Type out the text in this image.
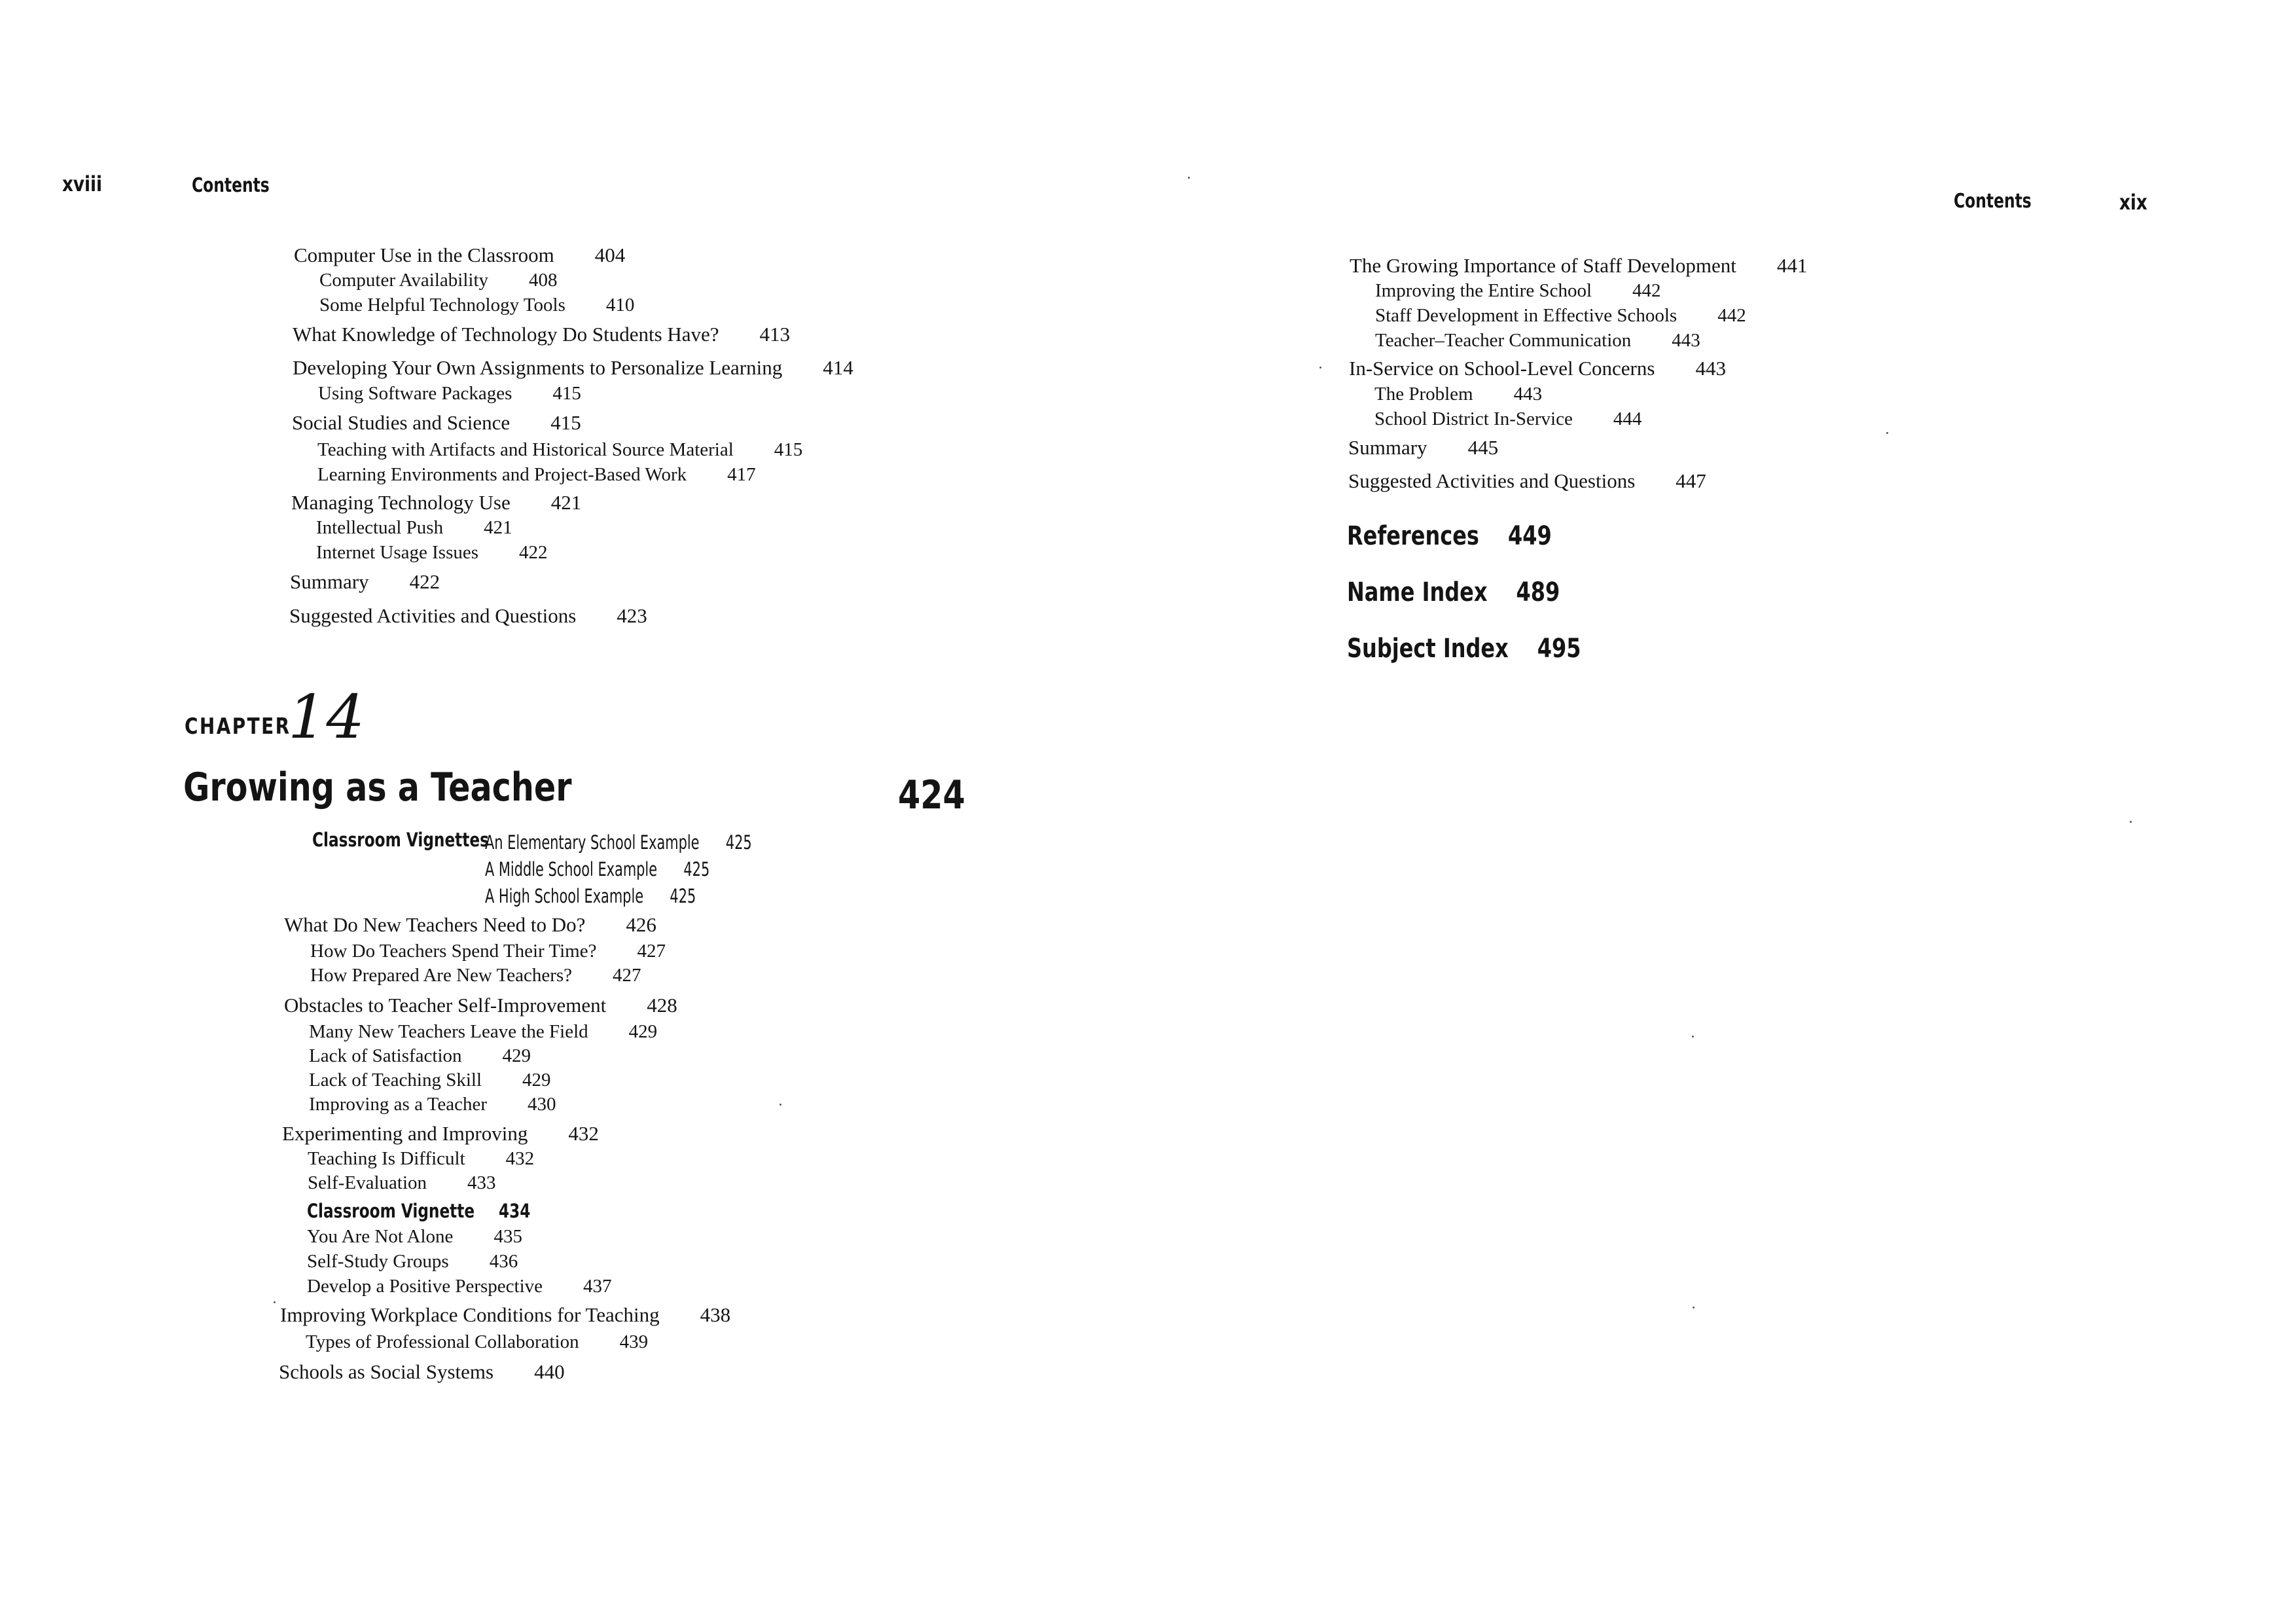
xviii	Contents
Computer Use in the Classroom 404
Computer Availability 408
Some Helpful Technology Tools 410
What Knowledge of Technology Do Students Have? 413
Developing Your Own Assignments to Personalize Learning 414
Using Software Packages 415
Social Studies and Science 415
Teaching with Artifacts and Historical Source Material 415
Learning Environments and Project-Based Work 417
Managing Technology Use 421
Intellectual Push 421
Internet Usage Issues 422
Summary 422
Suggested Activities and Questions 423
CHAPTER
14
Growing as a Teacher	424
Classroom Vignettes
An Elementary School Example 425
A Middle School Example 425
A High School Example 425
What Do New Teachers Need to Do? 426
How Do Teachers Spend Their Time? 427
How Prepared Are New Teachers? 427
Obstacles to Teacher Self-Improvement 428
Many New Teachers Leave the Field 429
Lack of Satisfaction 429
Lack of Teaching Skill 429
Improving as a Teacher 430
Experimenting and Improving 432
Teaching Is Difficult 432
Self-Evaluation 433
Classroom Vignette	434
You Are Not Alone 435
Self-Study Groups 436
Develop a Positive Perspective 437
Improving Workplace Conditions for Teaching 438
Types of Professional Collaboration 439
Schools as Social Systems 440
Contents	xix
The Growing Importance of Staff Development 441
Improving the Entire School 442
Staff Development in Effective Schools 442
Teacher–Teacher Communication 443
In-Service on School-Level Concerns 443
The Problem 443
School District In-Service 444
Summary 445
Suggested Activities and Questions 447
References 449
Name Index 489
Subject Index 495
